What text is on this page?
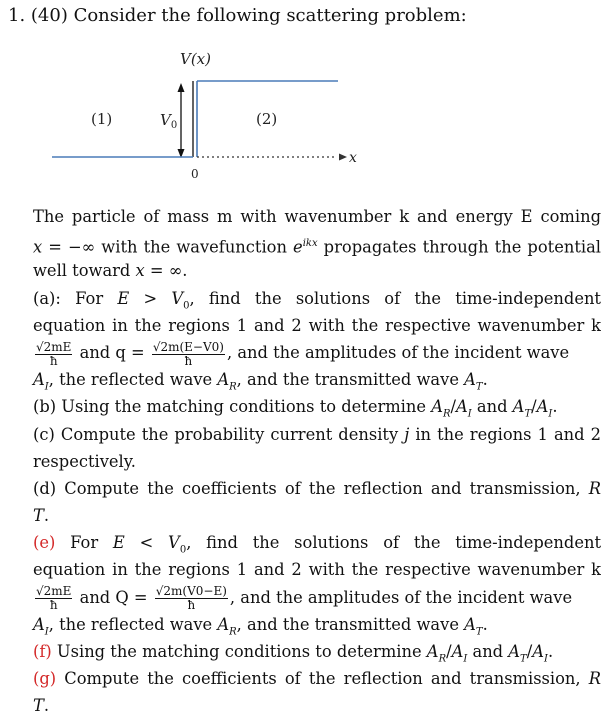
1. (40) Consider the following scattering problem:
V(x)
(1)	(2)
$V_0$
x
0
The particle of mass m with wavenumber k and energy E coming
x = −∞ with the wavefunction $e^{ikx}$ propagates through the potential
well toward x = ∞.
(a): For $E > V_0$, find the solutions of the time-independent
equation in the regions 1 and 2 with the respective wavenumber k
$\frac{√2mE}{ħ}$ and $q = \frac{√2m(E-V0)}{ħ}$ , and the amplitudes of the incident wave
$A_I$, the reflected wave $A_R$, and the transmitted wave $A_T$.
(b) Using the matching conditions to determine $A_R/A_I$ and $A_T/A_I$.
(c) Compute the probability current density j in the regions 1 and 2
respectively.
(d) Compute the coefficients of the reflection and transmission, R
T.
(e) For $E < V_0$, find the solutions of the time-independent
equation in the regions 1 and 2 with the respective wavenumber k
$\frac{√2mE}{ħ}$ and $Q = \frac{√2m(V0-E)}{ħ}$ , and the amplitudes of the incident wave
$A_I$, the reflected wave $A_R$, and the transmitted wave $A_T$.
(f) Using the matching conditions to determine $A_R/A_I$ and $A_T/A_I$.
(g) Compute the coefficients of the reflection and transmission, R
T.
